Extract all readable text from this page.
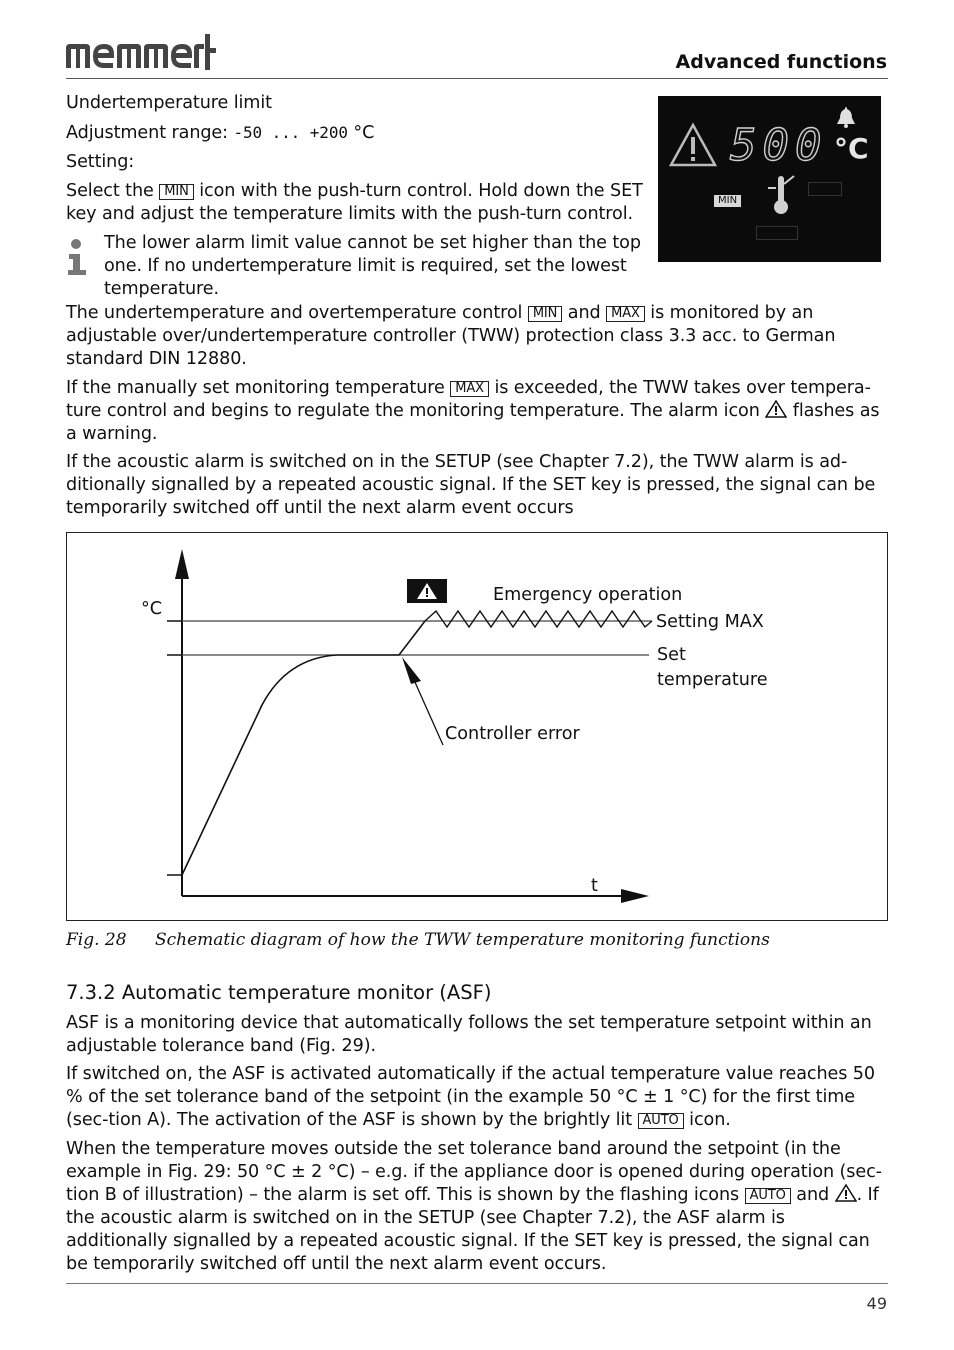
Advanced functions
Undertemperature limit
Adjustment range: -50 ... +200 °C
Setting:
Select the MIN icon with the push-turn control. Hold down the SET key and adjust the temperature limits with the push-turn control.
500 °C
MIN
The lower alarm limit value cannot be set higher than the top one. If no undertemperature limit is required, set the lowest temperature.
The undertemperature and overtemperature control MIN and MAX is monitored by an adjustable over/undertemperature controller (TWW) protection class 3.3 acc. to German standard DIN 12880.
If the manually set monitoring temperature MAX is exceeded, the TWW takes over tempera-ture control and begins to regulate the monitoring temperature. The alarm icon  flashes as a warning.
If the acoustic alarm is switched on in the SETUP (see Chapter 7.2), the TWW alarm is ad-ditionally signalled by a repeated acoustic signal. If the SET key is pressed, the signal can be temporarily switched off until the next alarm event occurs
°C
t
Emergency operation
Setting MAX
Set
temperature
Controller error
Fig. 28 Schematic diagram of how the TWW temperature monitoring functions
7.3.2 Automatic temperature monitor (ASF)
ASF is a monitoring device that automatically follows the set temperature setpoint within an adjustable tolerance band (Fig. 29).
If switched on, the ASF is activated automatically if the actual temperature value reaches 50 % of the set tolerance band of the setpoint (in the example 50 °C ± 1 °C) for the first time (sec-tion A). The activation of the ASF is shown by the brightly lit AUTO icon.
When the temperature moves outside the set tolerance band around the setpoint (in the example in Fig. 29: 50 °C ± 2 °C) – e.g. if the appliance door is opened during operation (sec-tion B of illustration) – the alarm is set off. This is shown by the flashing icons AUTO and . If the acoustic alarm is switched on in the SETUP (see Chapter 7.2), the ASF alarm is additionally signalled by a repeated acoustic signal. If the SET key is pressed, the signal can be temporarily switched off until the next alarm event occurs.
49
